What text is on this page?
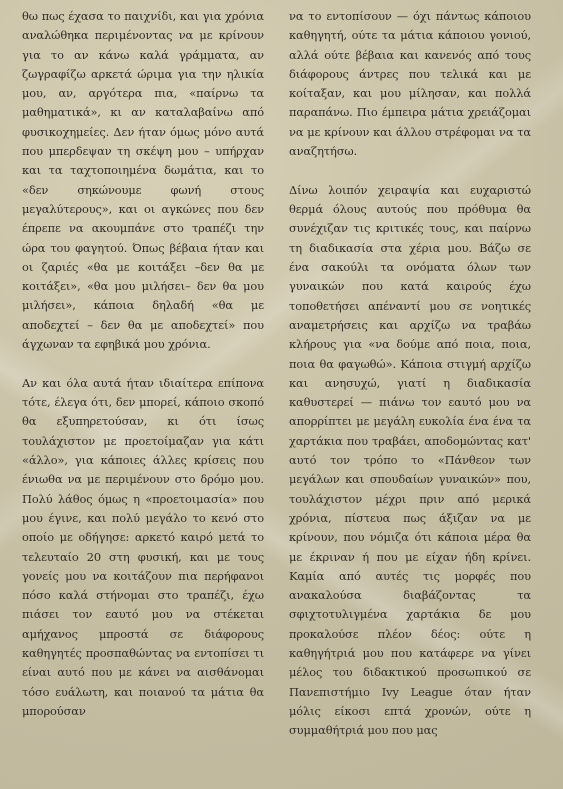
θω πως έχασα το παιχνίδι, και για χρόνια αναλώθηκα περιμένοντας να με κρίνουν για το αν κάνω καλά γράμματα, αν ζωγραφίζω αρκετά ώριμα για την ηλικία μου, αν, αργότερα πια, «παίρνω τα μαθηματικά», κι αν καταλαβαίνω από φυσικοχημείες. Δεν ήταν όμως μόνο αυτά που μπερδεψαν τη σκέψη μου – υπήρχαν και τα ταχτοποιημένα δωμάτια, και το «δεν σηκώνουμε φωνή στους μεγαλύτερους», και οι αγκώνες που δεν έπρεπε να ακουμπάνε στο τραπέζι την ώρα του φαγητού. Όπως βέβαια ήταν και οι ζαριές «θα με κοιτάξει –δεν θα με κοιτάξει», «θα μου μιλήσει– δεν θα μου μιλήσει», κάποια δηλαδή «θα με αποδεχτεί – δεν θα με αποδεχτεί» που άγχωναν τα εφηβικά μου χρόνια.

Αν και όλα αυτά ήταν ιδιαίτερα επίπονα τότε, έλεγα ότι, δεν μπορεί, κάποιο σκοπό θα εξυπηρετούσαν, κι ότι ίσως τουλάχιστον με προετοίμαζαν για κάτι «άλλο», για κάποιες άλλες κρίσεις που ένιωθα να με περιμένουν στο δρόμο μου. Πολύ λάθος όμως η «προετοιμασία» που μου έγινε, και πολύ μεγάλο το κενό στο οποίο με οδήγησε: αρκετό καιρό μετά το τελευταίο 20 στη φυσική, και με τους γονείς μου να κοιτάζουν πια περήφανοι πόσο καλά στήνομαι στο τραπέζι, έχω πιάσει τον εαυτό μου να στέκεται αμήχανος μπροστά σε διάφορους καθηγητές προσπαθώντας να εντοπίσει τι είναι αυτό που με κάνει να αισθάνομαι τόσο ευάλωτη, και ποιανού τα μάτια θα μπορούσαν

να το εντοπίσουν — όχι πάντως κάποιου καθηγητή, ούτε τα μάτια κάποιου γονιού, αλλά ούτε βέβαια και κανενός από τους διάφορους άντρες που τελικά και με κοίταξαν, και μου μίλησαν, και πολλά παραπάνω. Πιο έμπειρα μάτια χρειάζομαι να με κρίνουν και άλλου στρέφομαι να τα αναζητήσω.

Δίνω λοιπόν χειραψία και ευχαριστώ θερμά όλους αυτούς που πρόθυμα θα συνέχιζαν τις κριτικές τους, και παίρνω τη διαδικασία στα χέρια μου. Βάζω σε ένα σακούλι τα ονόματα όλων των γυναικών που κατά καιρούς έχω τοποθετήσει απέναντί μου σε νοητικές αναμετρήσεις και αρχίζω να τραβάω κλήρους για «να δούμε από ποια, ποια, ποια θα φαγωθώ». Κάποια στιγμή αρχίζω και ανησυχώ, γιατί η διαδικασία καθυστερεί — πιάνω τον εαυτό μου να απορρίπτει με μεγάλη ευκολία ένα ένα τα χαρτάκια που τραβάει, αποδομώντας κατ' αυτό τον τρόπο το «Πάνθεον των μεγάλων και σπουδαίων γυναικών» που, τουλάχιστον μέχρι πριν από μερικά χρόνια, πίστευα πως άξιζαν να με κρίνουν, που νόμιζα ότι κάποια μέρα θα με έκριναν ή που με είχαν ήδη κρίνει. Καμία από αυτές τις μορφές που ανακαλούσα διαβάζοντας τα σφιχτοτυλιγμένα χαρτάκια δε μου προκαλούσε πλέον δέος: ούτε η καθηγήτριά μου που κατάφερε να γίνει μέλος του διδακτικού προσωπικού σε Πανεπιστήμιο Ivy League όταν ήταν μόλις είκοσι επτά χρονών, ούτε η συμμαθήτριά μου που μας
